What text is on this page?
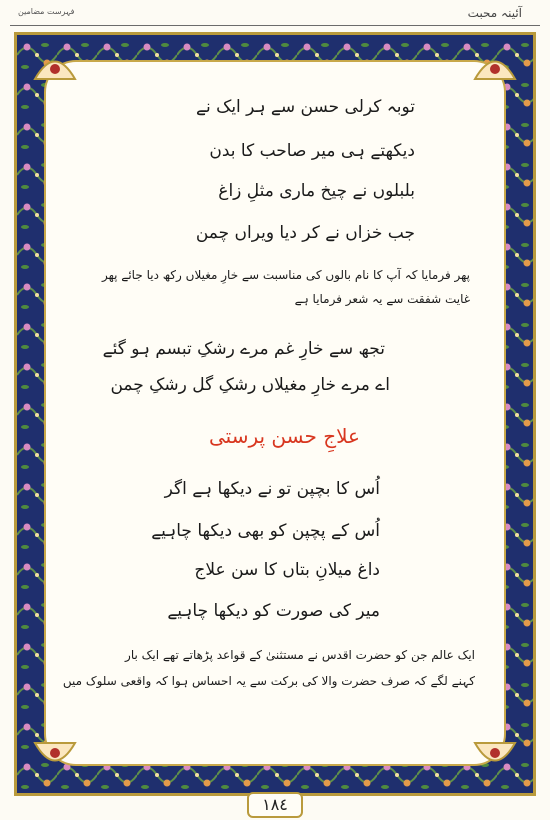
فہرست مضامین	آئینہ محبت
توبہ کرلی حسن سے ہر ایک نے
دیکھتے ہی میر صاحب کا بدن
بلبلوں نے چیخ ماری مثلِ زاغ
جب خزاں نے کر دیا ویراں چمن
پھر فرمایا کہ آپ کا نام بالوں کی مناسبت سے خارِ مغیلاں رکھ دیا جائے پھر
غایت شفقت سے یہ شعر فرمایا ہے
تجھ سے خارِ غم مرے رشکِ تبسم ہو گئے
اے مرے خارِ مغیلاں رشکِ گل رشکِ چمن
علاجِ حسن پرستی
اُس کا بچپن تو نے دیکھا ہے اگر
اُس کے پچپن کو بھی دیکھا چاہیے
داغ میلانِ بتاں کا سن علاج
میر کی صورت کو دیکھا چاہیے
ایک عالم جن کو حضرت اقدس نے مستثنیٰ کے قواعد پڑھاتے تھے ایک بار
کہنے لگے کہ صرف حضرت والا کی برکت سے یہ احساس ہوا کہ واقعی سلوک میں
١٨٤
